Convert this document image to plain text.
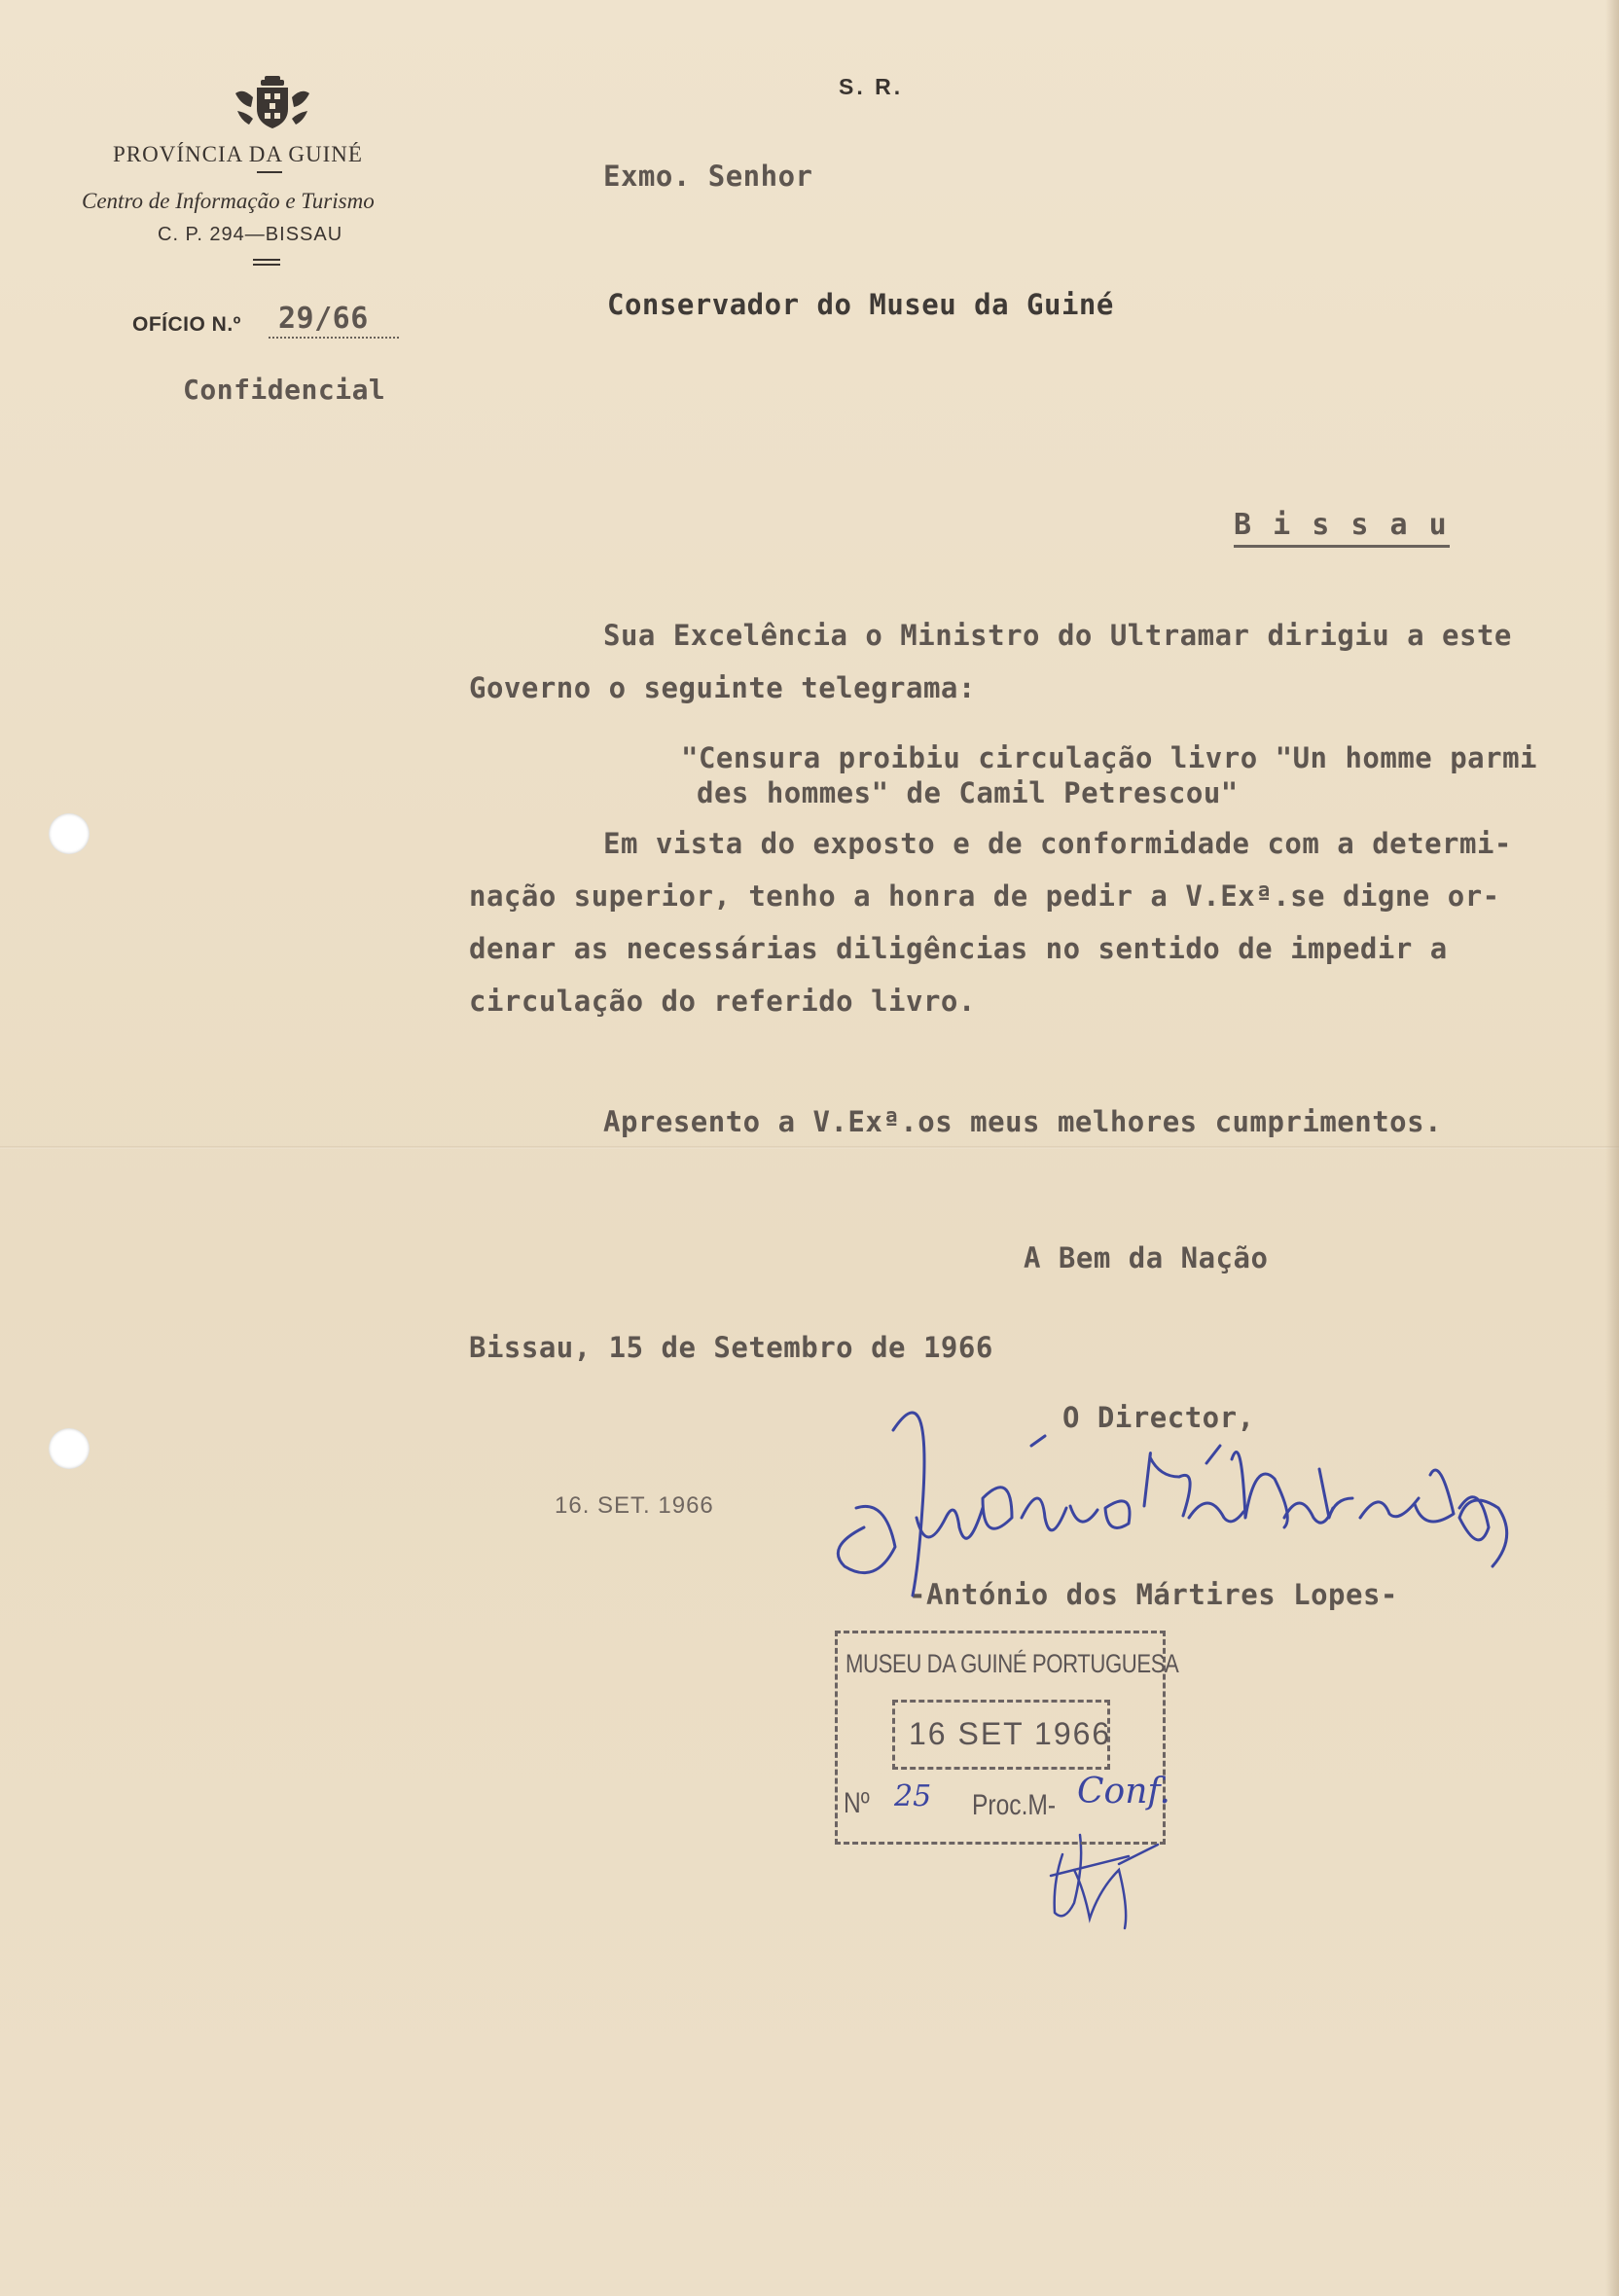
PROVÍNCIA DA GUINÉ
Centro de Informação e Turismo
C. P. 294—BISSAU
OFÍCIO N.º 29/66
Confidencial
S. R.
Exmo. Senhor
Conservador do Museu da Guiné
B i s s a u
Sua Excelência o Ministro do Ultramar dirigiu a este
Governo o seguinte telegrama:
"Censura proibiu circulação livro "Un homme parmi
des hommes" de Camil Petrescou"
Em vista do exposto e de conformidade com a determi-
nação superior, tenho a honra de pedir a V.Exª.se digne or-
denar as necessárias diligências no sentido de impedir a
circulação do referido livro.
Apresento a V.Exª.os meus melhores cumprimentos.
A Bem da Nação
Bissau, 15 de Setembro de 1966
O Director,
-António dos Mártires Lopes-
16. SET. 1966
MUSEU DA GUINÉ PORTUGUESA
16 SET 1966
Nº 25 Proc.M- Conf.
